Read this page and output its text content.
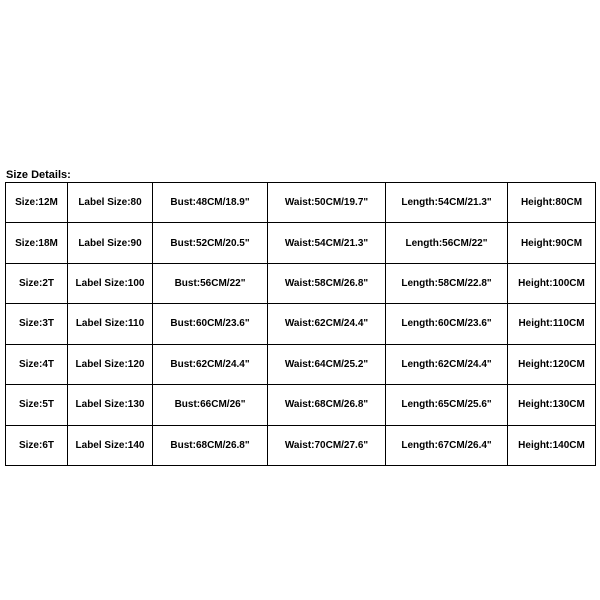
Size Details:
Size:12M	Label Size:80	Bust:48CM/18.9"	Waist:50CM/19.7"	Length:54CM/21.3"	Height:80CM
Size:18M	Label Size:90	Bust:52CM/20.5"	Waist:54CM/21.3"	Length:56CM/22"	Height:90CM
Size:2T	Label Size:100	Bust:56CM/22"	Waist:58CM/26.8"	Length:58CM/22.8"	Height:100CM
Size:3T	Label Size:110	Bust:60CM/23.6"	Waist:62CM/24.4"	Length:60CM/23.6"	Height:110CM
Size:4T	Label Size:120	Bust:62CM/24.4"	Waist:64CM/25.2"	Length:62CM/24.4"	Height:120CM
Size:5T	Label Size:130	Bust:66CM/26"	Waist:68CM/26.8"	Length:65CM/25.6"	Height:130CM
Size:6T	Label Size:140	Bust:68CM/26.8"	Waist:70CM/27.6"	Length:67CM/26.4"	Height:140CM
